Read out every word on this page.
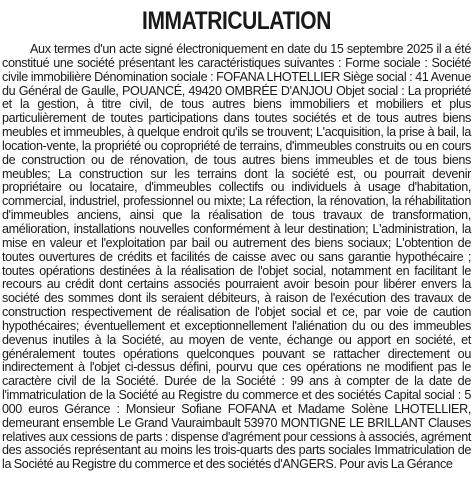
IMMATRICULATION

Aux termes d'un acte signé électroniquement en date du 15 septembre 2025 il a été constitué une société présentant les caractéristiques suivantes : Forme sociale : Société civile immobilière Dénomination sociale : FOFANA LHOTELLIER Siège social : 41 Avenue du Général de Gaulle, POUANCÉ, 49420 OMBRÉE D'ANJOU Objet social : La propriété et la gestion, à titre civil, de tous autres biens immobiliers et mobiliers et plus particulièrement de toutes participations dans toutes sociétés et de tous autres biens meubles et immeubles, à quelque endroit qu'ils se trouvent; L'acquisition, la prise à bail, la location-vente, la propriété ou copropriété de terrains, d'immeubles construits ou en cours de construction ou de rénovation, de tous autres biens immeubles et de tous biens meubles; La construction sur les terrains dont la société est, ou pourrait devenir propriétaire ou locataire, d'immeubles collectifs ou individuels à usage d'habitation, commercial, industriel, professionnel ou mixte; La réfection, la rénovation, la réhabilitation d'immeubles anciens, ainsi que la réalisation de tous travaux de transformation, amélioration, installations nouvelles conformément à leur destination; L'administration, la mise en valeur et l'exploitation par bail ou autrement des biens sociaux; L'obtention de toutes ouvertures de crédits et facilités de caisse avec ou sans garantie hypothécaire ; toutes opérations destinées à la réalisation de l'objet social, notamment en facilitant le recours au crédit dont certains associés pourraient avoir besoin pour libérer envers la société des sommes dont ils seraient débiteurs, à raison de l'exécution des travaux de construction respectivement de réalisation de l'objet social et ce, par voie de caution hypothécaires; éventuellement et exceptionnellement l'aliénation du ou des immeubles devenus inutiles à la Société, au moyen de vente, échange ou apport en société, et généralement toutes opérations quelconques pouvant se rattacher directement ou indirectement à l'objet ci-dessus défini, pourvu que ces opérations ne modifient pas le caractère civil de la Société. Durée de la Société : 99 ans à compter de la date de l'immatriculation de la Société au Registre du commerce et des sociétés Capital social : 5 000 euros Gérance : Monsieur Sofiane FOFANA et Madame Solène LHOTELLIER, demeurant ensemble Le Grand Vauraimbault 53970 MONTIGNE LE BRILLANT Clauses relatives aux cessions de parts : dispense d'agrément pour cessions à associés, agrément des associés représentant au moins les trois-quarts des parts sociales Immatriculation de la Société au Registre du commerce et des sociétés d'ANGERS. Pour avis La Gérance
